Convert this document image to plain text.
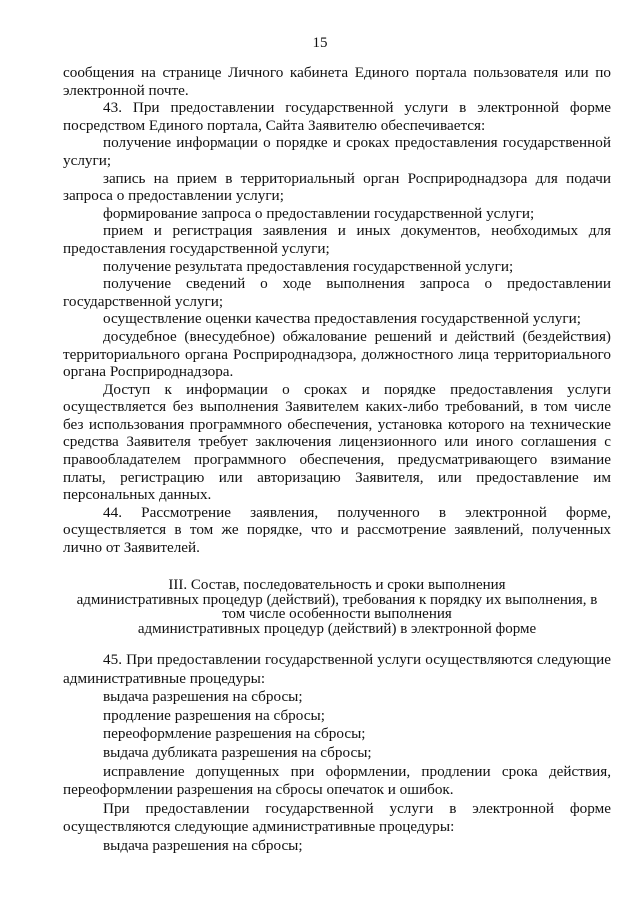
15

сообщения на странице Личного кабинета Единого портала пользователя или по электронной почте.

43. При предоставлении государственной услуги в электронной форме посредством Единого портала, Сайта Заявителю обеспечивается:

получение информации о порядке и сроках предоставления государственной услуги;

запись на прием в территориальный орган Росприроднадзора для подачи запроса о предоставлении услуги;

формирование запроса о предоставлении государственной услуги;

прием и регистрация заявления и иных документов, необходимых для предоставления государственной услуги;

получение результата предоставления государственной услуги;

получение сведений о ходе выполнения запроса о предоставлении государственной услуги;

осуществление оценки качества предоставления государственной услуги;

досудебное (внесудебное) обжалование решений и действий (бездействия) территориального органа Росприроднадзора, должностного лица территориального органа Росприроднадзора.

Доступ к информации о сроках и порядке предоставления услуги осуществляется без выполнения Заявителем каких-либо требований, в том числе без использования программного обеспечения, установка которого на технические средства Заявителя требует заключения лицензионного или иного соглашения с правообладателем программного обеспечения, предусматривающего взимание платы, регистрацию или авторизацию Заявителя, или предоставление им персональных данных.

44. Рассмотрение заявления, полученного в электронной форме, осуществляется в том же порядке, что и рассмотрение заявлений, полученных лично от Заявителей.

III. Состав, последовательность и сроки выполнения
административных процедур (действий), требования к порядку их выполнения, в
том числе особенности выполнения
административных процедур (действий) в электронной форме

45. При предоставлении государственной услуги осуществляются следующие административные процедуры:

выдача разрешения на сбросы;

продление разрешения на сбросы;

переоформление разрешения на сбросы;

выдача дубликата разрешения на сбросы;

исправление допущенных при оформлении, продлении срока действия, переоформлении разрешения на сбросы опечаток и ошибок.

При предоставлении государственной услуги в электронной форме осуществляются следующие административные процедуры:

выдача разрешения на сбросы;
